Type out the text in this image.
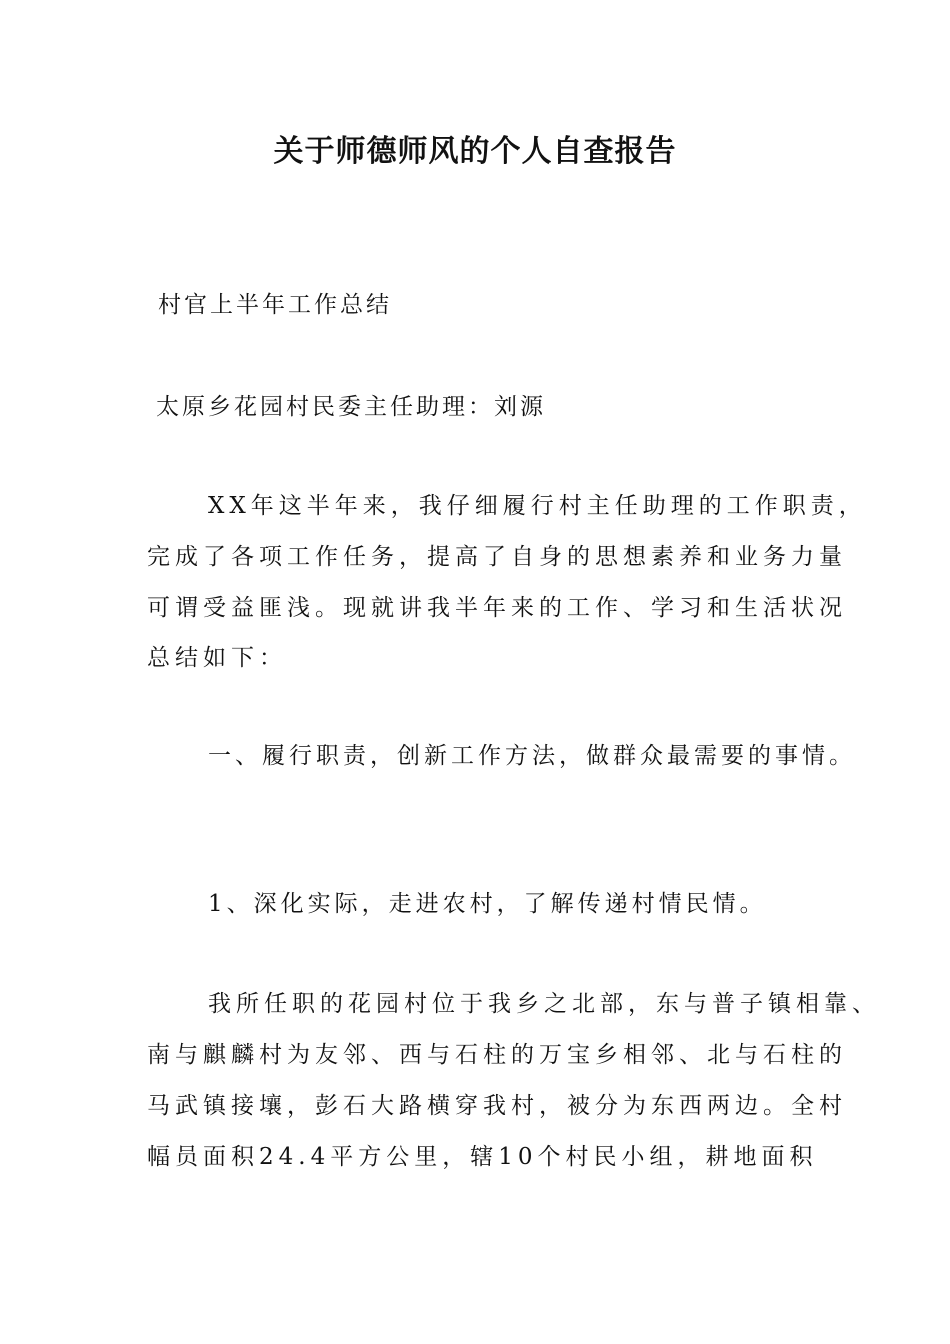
关于师德师风的个人自查报告

村官上半年工作总结

太原乡花园村民委主任助理：刘源

XX年这半年来，我仔细履行村主任助理的工作职责，

完成了各项工作任务，提高了自身的思想素养和业务力量

可谓受益匪浅。现就讲我半年来的工作、学习和生活状况

总结如下：

一、履行职责，创新工作方法，做群众最需要的事情。

1、深化实际，走进农村，了解传递村情民情。

我所任职的花园村位于我乡之北部，东与普子镇相靠、

南与麒麟村为友邻、西与石柱的万宝乡相邻、北与石柱的

马武镇接壤，彭石大路横穿我村，被分为东西两边。全村

幅员面积24.4平方公里，辖10个村民小组，耕地面积
